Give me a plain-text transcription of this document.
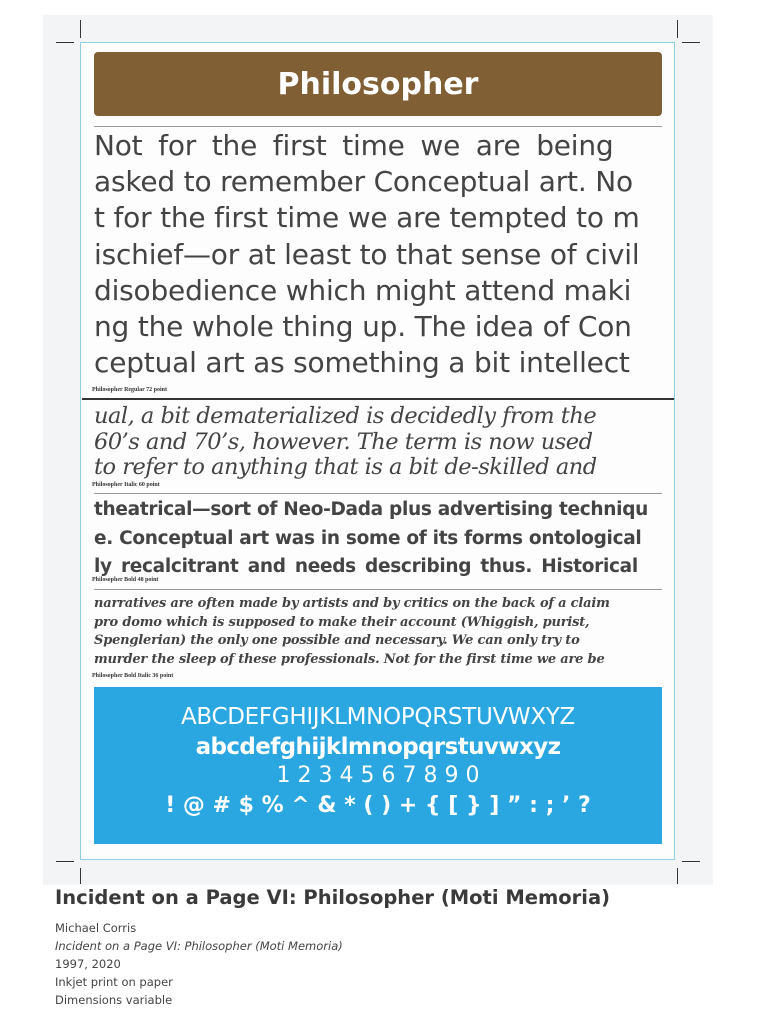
Philosopher
Not for the first time we are being
asked to remember Conceptual art. No
t for the first time we are tempted to m
ischief—or at least to that sense of civil
disobedience which might attend maki
ng the whole thing up. The idea of Con
ceptual art as something a bit intellect
Philosopher Regular 72 point
ual, a bit dematerialized is decidedly from the
60’s and 70’s, however. The term is now used
to refer to anything that is a bit de-skilled and
Philosopher Italic 60 point
theatrical—sort of Neo-Dada plus advertising techniqu
e. Conceptual art was in some of its forms ontological
ly recalcitrant and needs describing thus. Historical
Philosopher Bold 48 point
narratives are often made by artists and by critics on the back of a claim
pro domo which is supposed to make their account (Whiggish, purist,
Spenglerian) the only one possible and necessary. We can only try to
murder the sleep of these professionals. Not for the first time we are be
Philosopher Bold Italic 36 point
ABCDEFGHIJKLMNOPQRSTUVWXYZ
abcdefghijklmnopqrstuvwxyz
1 2 3 4 5 6 7 8 9 0
! @ # $ % ^ & * ( ) + { [ } ] ” : ; ’ ?
Incident on a Page VI: Philosopher (Moti Memoria)
Michael Corris
Incident on a Page VI: Philosopher (Moti Memoria)
1997, 2020
Inkjet print on paper
Dimensions variable
